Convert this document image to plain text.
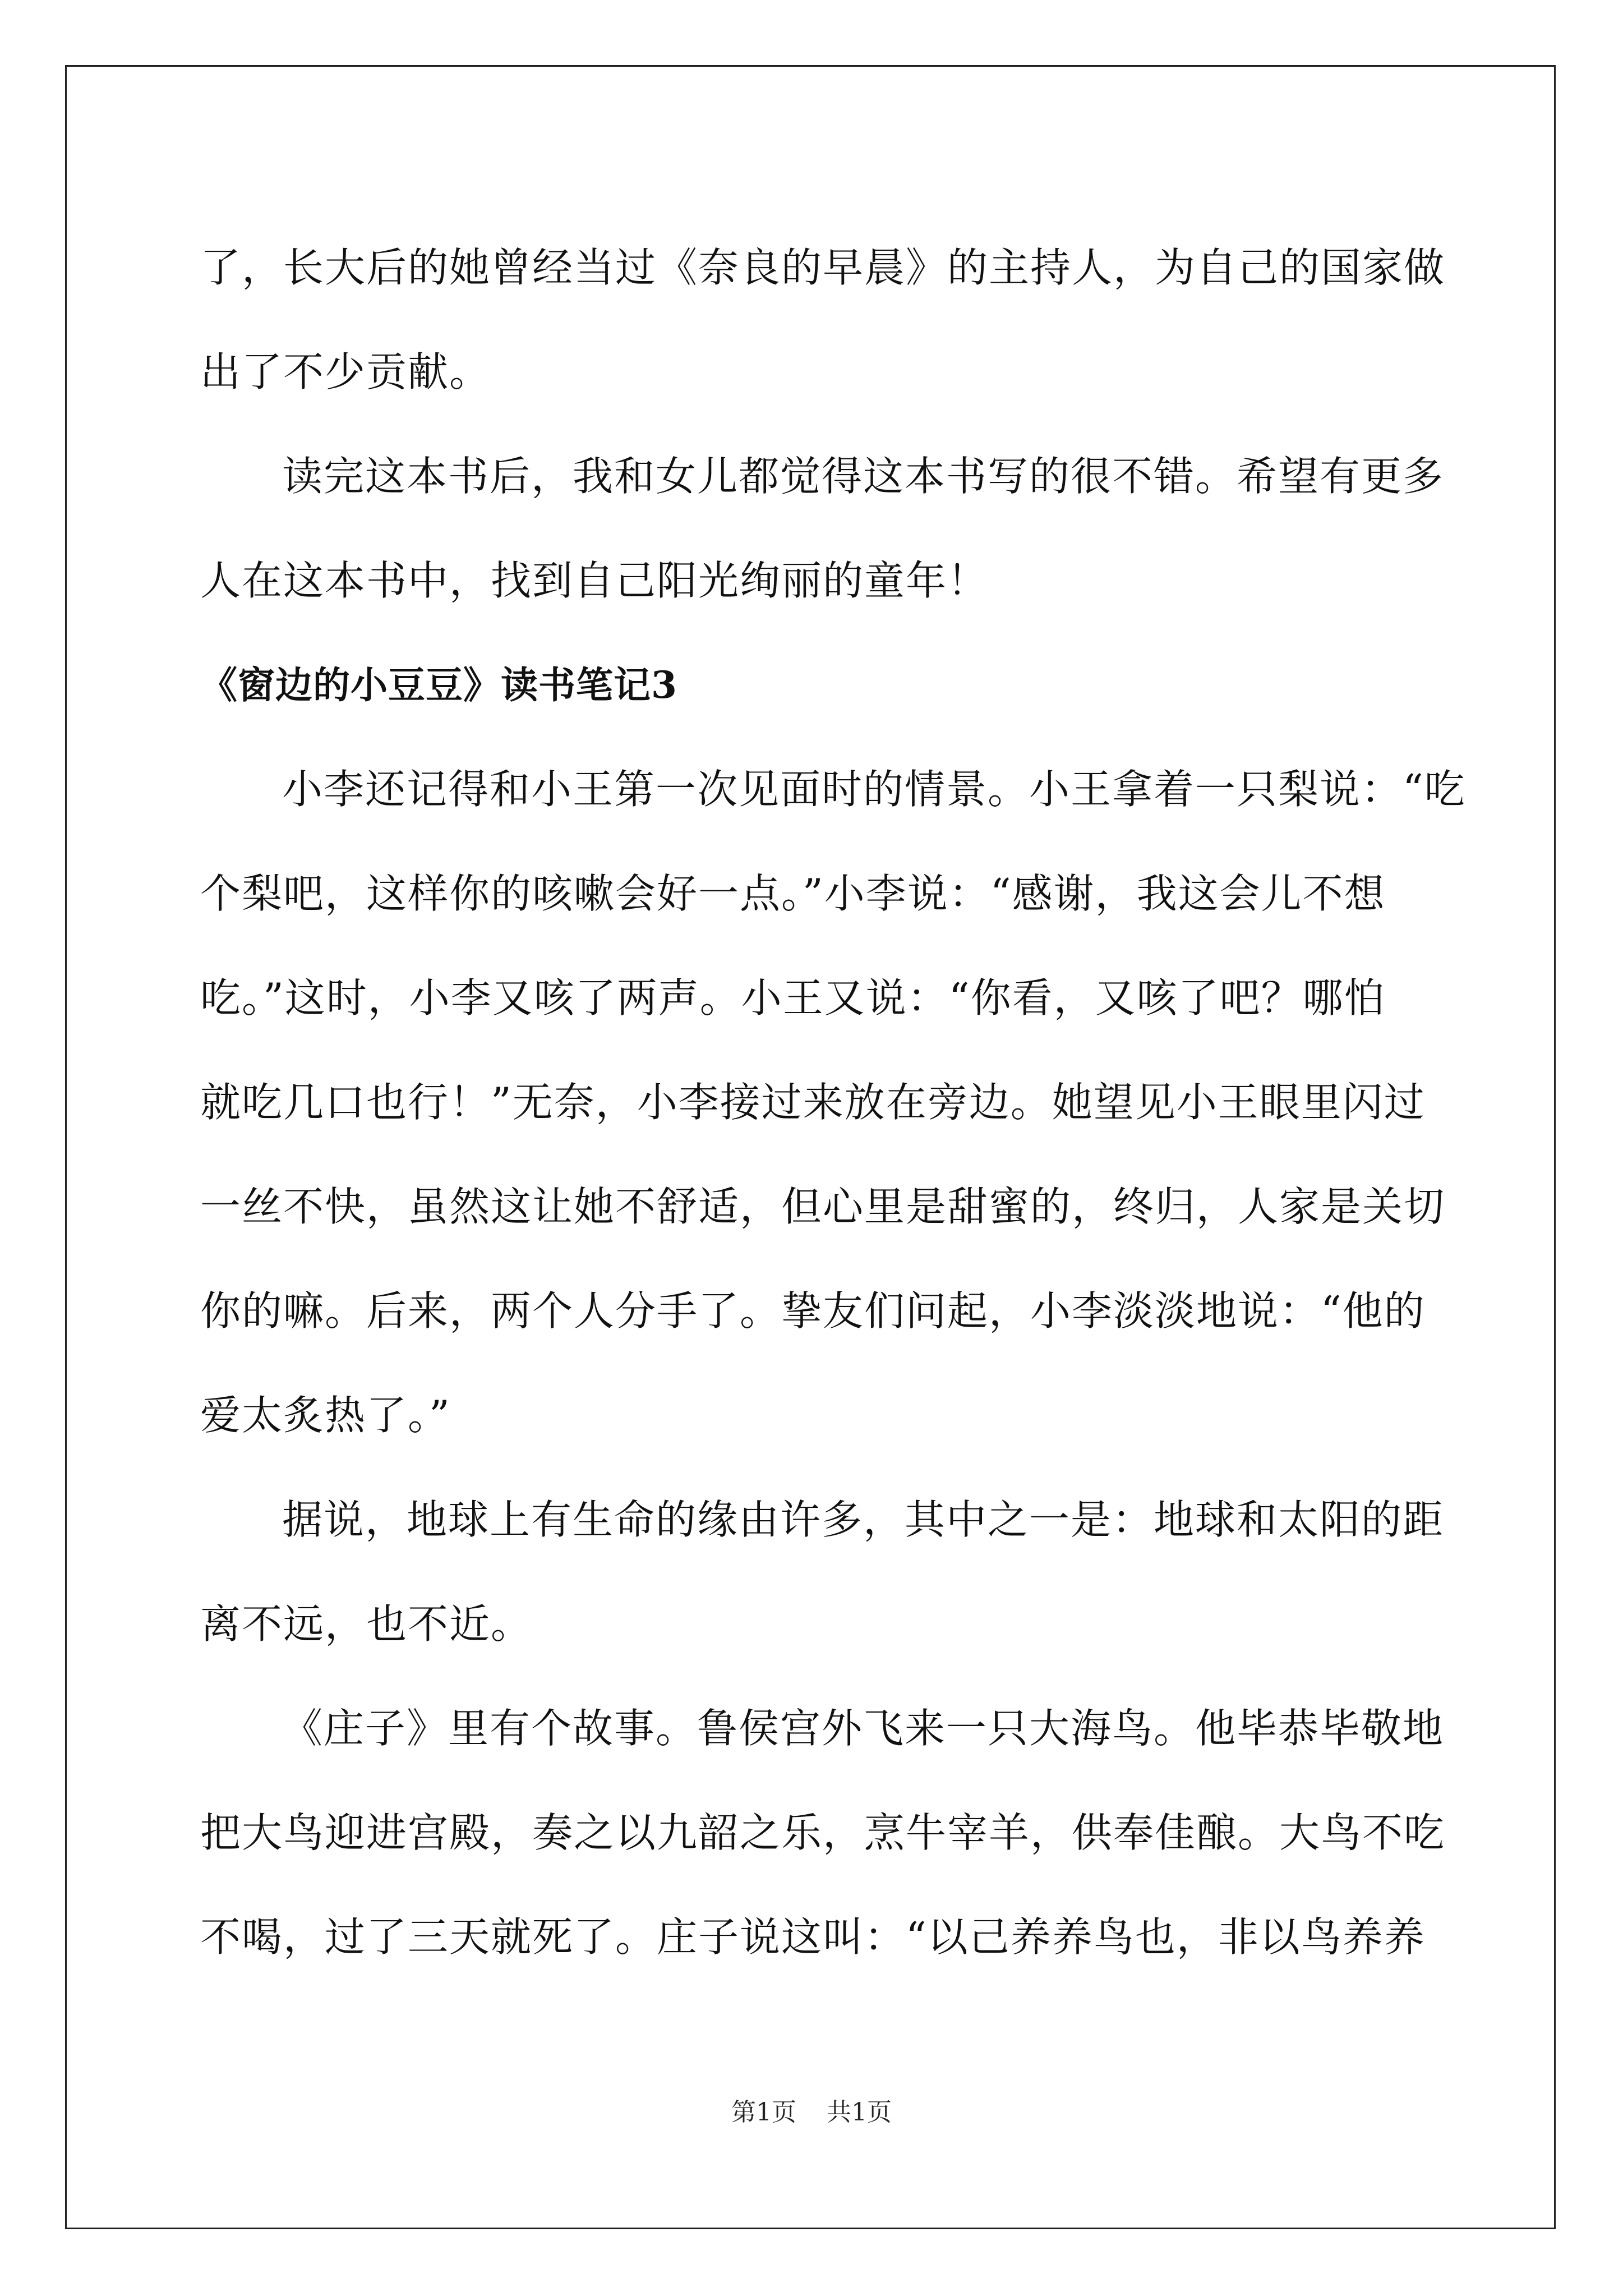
了，长大后的她曾经当过《奈良的早晨》的主持人，为自己的国家做
出了不少贡献。

读完这本书后，我和女儿都觉得这本书写的很不错。希望有更多
人在这本书中，找到自己阳光绚丽的童年！

《窗边的小豆豆》读书笔记3

小李还记得和小王第一次见面时的情景。小王拿着一只梨说：“吃
个梨吧，这样你的咳嗽会好一点。”小李说：“感谢，我这会儿不想
吃。”这时，小李又咳了两声。小王又说：“你看，又咳了吧？哪怕
就吃几口也行！”无奈，小李接过来放在旁边。她望见小王眼里闪过
一丝不快，虽然这让她不舒适，但心里是甜蜜的，终归，人家是关切
你的嘛。后来，两个人分手了。挚友们问起，小李淡淡地说：“他的
爱太炙热了。”

据说，地球上有生命的缘由许多，其中之一是：地球和太阳的距
离不远，也不近。

《庄子》里有个故事。鲁侯宫外飞来一只大海鸟。他毕恭毕敬地
把大鸟迎进宫殿，奏之以九韶之乐，烹牛宰羊，供奉佳酿。大鸟不吃
不喝，过了三天就死了。庄子说这叫：“以己养养鸟也，非以鸟养养

第1页 共1页
